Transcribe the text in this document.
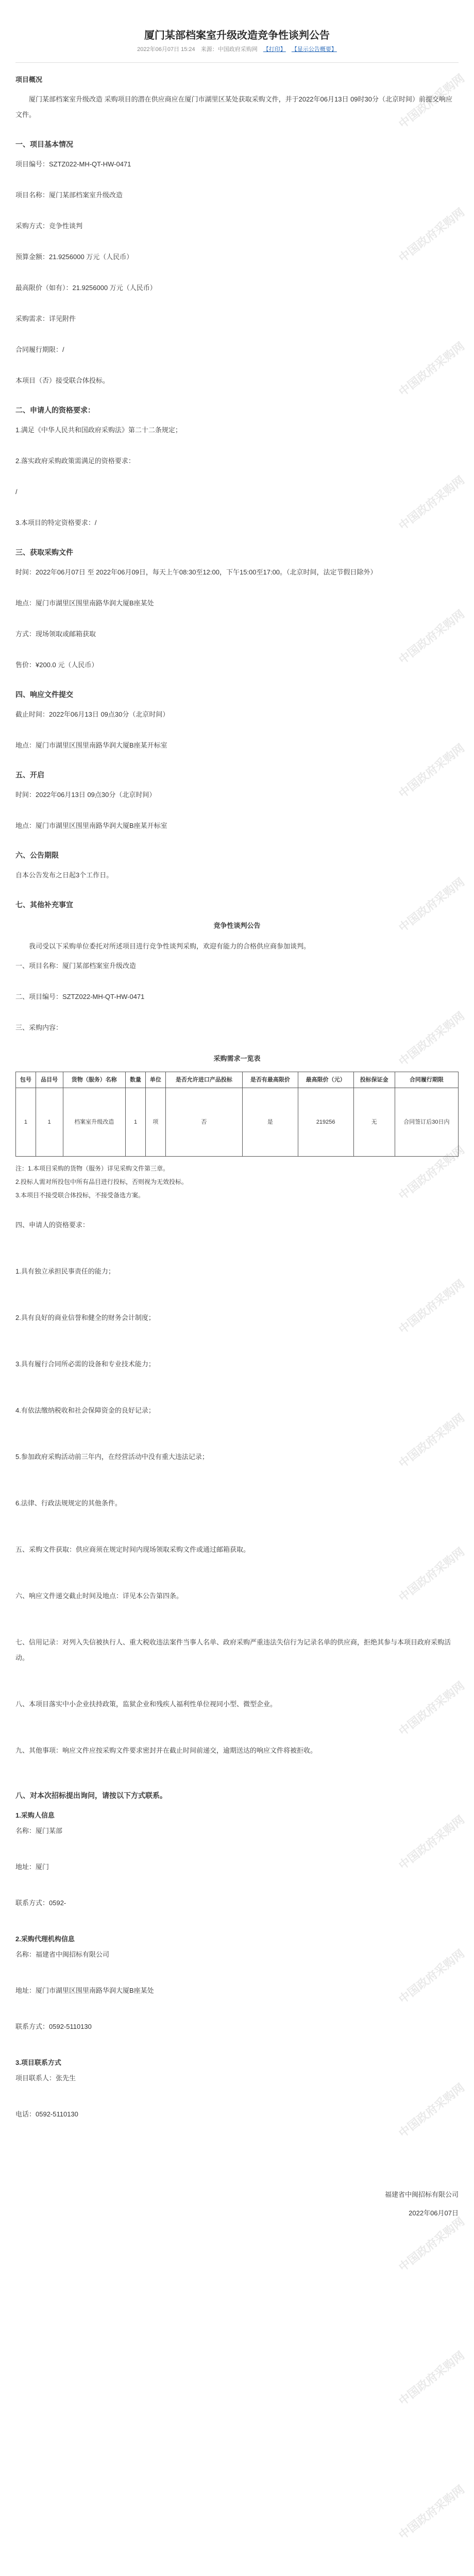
中国政府采购网
中国政府采购网
中国政府采购网
中国政府采购网
中国政府采购网
中国政府采购网
中国政府采购网
中国政府采购网
中国政府采购网
中国政府采购网
中国政府采购网
中国政府采购网
中国政府采购网
中国政府采购网
中国政府采购网
中国政府采购网
中国政府采购网
中国政府采购网
中国政府采购网
厦门某部档案室升级改造竞争性谈判公告
2022年06月07日 15:24 来源：中国政府采购网 【打印】 【显示公告概要】

项目概况

厦门某部档案室升级改造 采购项目的潜在供应商应在厦门市湖里区某处获取采购文件，并于2022年06月13日 09时30分（北京时间）前提交响应文件。

一、项目基本情况

项目编号：SZTZ022-MH-QT-HW-0471

项目名称：厦门某部档案室升级改造

采购方式：竞争性谈判

预算金额：21.9256000 万元（人民币）

最高限价（如有）：21.9256000 万元（人民币）

采购需求：详见附件

合同履行期限：/

本项目（否）接受联合体投标。

二、申请人的资格要求：

1.满足《中华人民共和国政府采购法》第二十二条规定；

2.落实政府采购政策需满足的资格要求：

/

3.本项目的特定资格要求：/

三、获取采购文件

时间：2022年06月07日 至 2022年06月09日，每天上午08:30至12:00，下午15:00至17:00。（北京时间，法定节假日除外）

地点：厦门市湖里区围里南路华润大厦B座某处

方式：现场领取或邮箱获取

售价：¥200.0 元（人民币）

四、响应文件提交

截止时间：2022年06月13日 09点30分（北京时间）

地点：厦门市湖里区围里南路华润大厦B座某开标室

五、开启

时间：2022年06月13日 09点30分（北京时间）

地点：厦门市湖里区围里南路华润大厦B座某开标室

六、公告期限

自本公告发布之日起3个工作日。

七、其他补充事宜

竞争性谈判公告

我司受以下采购单位委托对所述项目进行竞争性谈判采购，欢迎有能力的合格供应商参加谈判。

一、项目名称：厦门某部档案室升级改造

二、项目编号：SZTZ022-MH-QT-HW-0471

三、采购内容：

采购需求一览表

包号	品目号	货物（服务）名称	数量	单位	是否允许进口产品投标	是否有最高限价	最高限价（元）	投标保证金	合同履行期限
1	1	档案室升级改造	1	项	否	是	219256	无	合同签订后30日内

注：1.本项目采购的货物（服务）详见采购文件第三章。

2.投标人需对所投包中所有品目进行投标，否则视为无效投标。

3.本项目不接受联合体投标，不接受备选方案。

四、申请人的资格要求：

1.具有独立承担民事责任的能力；

2.具有良好的商业信誉和健全的财务会计制度；

3.具有履行合同所必需的设备和专业技术能力；

4.有依法缴纳税收和社会保障资金的良好记录；

5.参加政府采购活动前三年内，在经营活动中没有重大违法记录；

6.法律、行政法规规定的其他条件。

五、采购文件获取：供应商须在规定时间内现场领取采购文件或通过邮箱获取。

六、响应文件递交截止时间及地点：详见本公告第四条。

七、信用记录：对列入失信被执行人、重大税收违法案件当事人名单、政府采购严重违法失信行为记录名单的供应商，拒绝其参与本项目政府采购活动。

八、本项目落实中小企业扶持政策，监狱企业和残疾人福利性单位视同小型、微型企业。

九、其他事项：响应文件应按采购文件要求密封并在截止时间前递交，逾期送达的响应文件将被拒收。

八、对本次招标提出询问，请按以下方式联系。

1.采购人信息

名称：厦门某部

地址：厦门

联系方式：0592-

2.采购代理机构信息

名称：福建省中闽招标有限公司

地址：厦门市湖里区围里南路华润大厦B座某处

联系方式：0592-5110130

3.项目联系方式

项目联系人：张先生

电话：0592-5110130

福建省中闽招标有限公司

2022年06月07日
